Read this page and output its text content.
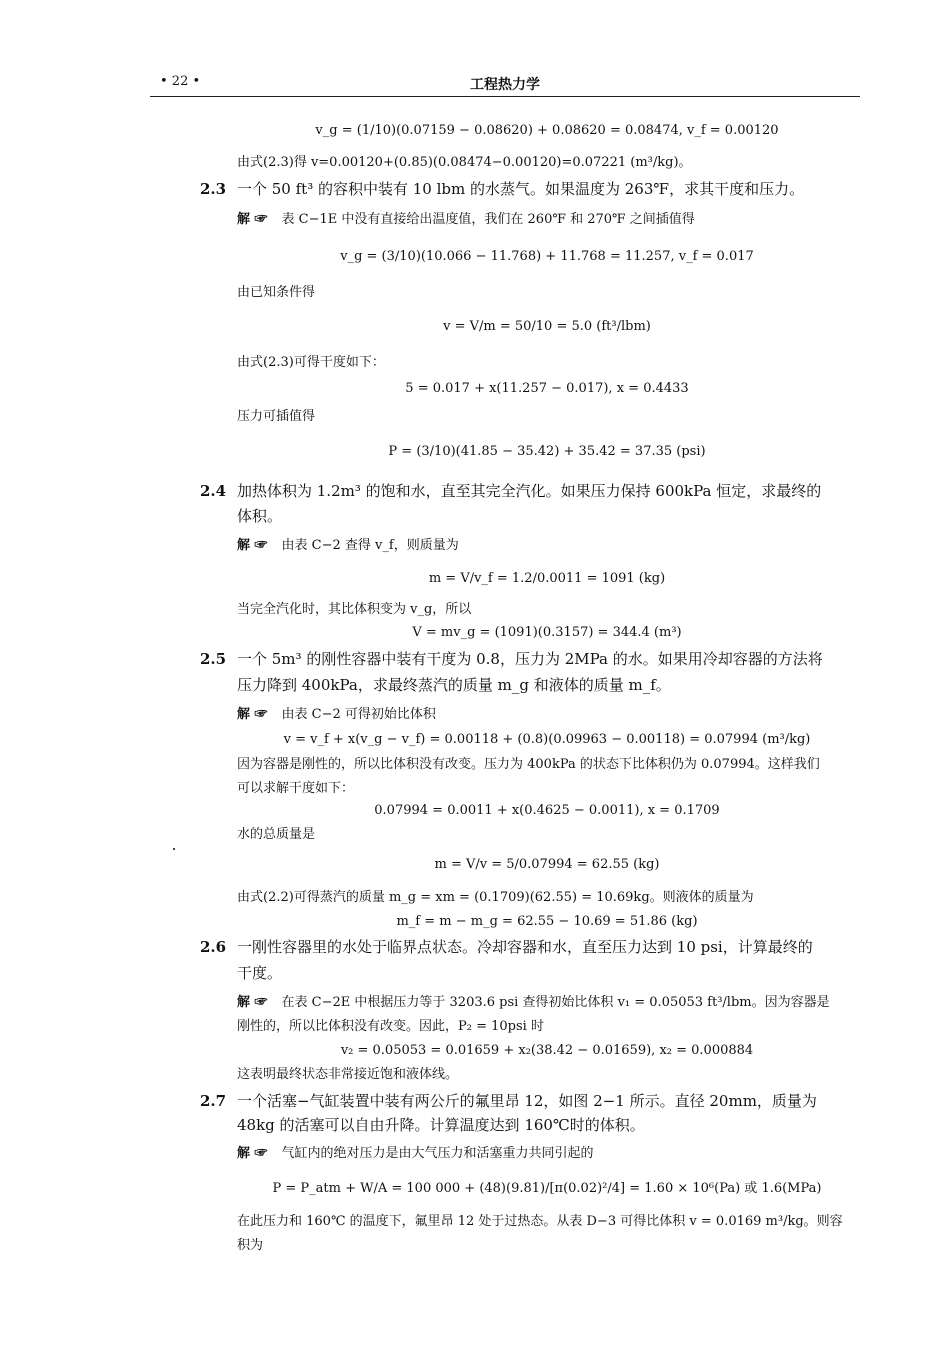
• 22 •	工程热力学
v_g = (1/10)(0.07159 − 0.08620) + 0.08620 = 0.08474, v_f = 0.00120
由式(2.3)得 v=0.00120+(0.85)(0.08474−0.00120)=0.07221 (m³/kg)。
2.3 一个 50 ft³ 的容积中装有 10 lbm 的水蒸气。如果温度为 263℉，求其干度和压力。
解 ☞ 表 C−1E 中没有直接给出温度值，我们在 260℉ 和 270℉ 之间插值得
v_g = (3/10)(10.066 − 11.768) + 11.768 = 11.257, v_f = 0.017
由已知条件得
v = V/m = 50/10 = 5.0 (ft³/lbm)
由式(2.3)可得干度如下：
5 = 0.017 + x(11.257 − 0.017), x = 0.4433
压力可插值得
P = (3/10)(41.85 − 35.42) + 35.42 = 37.35 (psi)
2.4 加热体积为 1.2m³ 的饱和水，直至其完全汽化。如果压力保持 600kPa 恒定，求最终的
体积。
解 ☞ 由表 C−2 查得 v_f，则质量为
m = V/v_f = 1.2/0.0011 = 1091 (kg)
当完全汽化时，其比体积变为 v_g，所以
V = mv_g = (1091)(0.3157) = 344.4 (m³)
2.5 一个 5m³ 的刚性容器中装有干度为 0.8，压力为 2MPa 的水。如果用冷却容器的方法将
压力降到 400kPa，求最终蒸汽的质量 m_g 和液体的质量 m_f。
解 ☞ 由表 C−2 可得初始比体积
v = v_f + x(v_g − v_f) = 0.00118 + (0.8)(0.09963 − 0.00118) = 0.07994 (m³/kg)
因为容器是刚性的，所以比体积没有改变。压力为 400kPa 的状态下比体积仍为 0.07994。这样我们
可以求解干度如下：
0.07994 = 0.0011 + x(0.4625 − 0.0011), x = 0.1709
水的总质量是
m = V/v = 5/0.07994 = 62.55 (kg)
由式(2.2)可得蒸汽的质量 m_g = xm = (0.1709)(62.55) = 10.69kg。则液体的质量为
m_f = m − m_g = 62.55 − 10.69 = 51.86 (kg)
2.6 一刚性容器里的水处于临界点状态。冷却容器和水，直至压力达到 10 psi，计算最终的
干度。
解 ☞ 在表 C−2E 中根据压力等于 3203.6 psi 查得初始比体积 v₁ = 0.05053 ft³/lbm。因为容器是
刚性的，所以比体积没有改变。因此，P₂ = 10psi 时
v₂ = 0.05053 = 0.01659 + x₂(38.42 − 0.01659), x₂ = 0.000884
这表明最终状态非常接近饱和液体线。
2.7 一个活塞−气缸装置中装有两公斤的氟里昂 12，如图 2−1 所示。直径 20mm，质量为
48kg 的活塞可以自由升降。计算温度达到 160℃时的体积。
解 ☞ 气缸内的绝对压力是由大气压力和活塞重力共同引起的
P = P_atm + W/A = 100 000 + (48)(9.81)/[π(0.02)²/4] = 1.60 × 10⁶(Pa) 或 1.6(MPa)
在此压力和 160℃ 的温度下，氟里昂 12 处于过热态。从表 D−3 可得比体积 v = 0.0169 m³/kg。则容
积为
